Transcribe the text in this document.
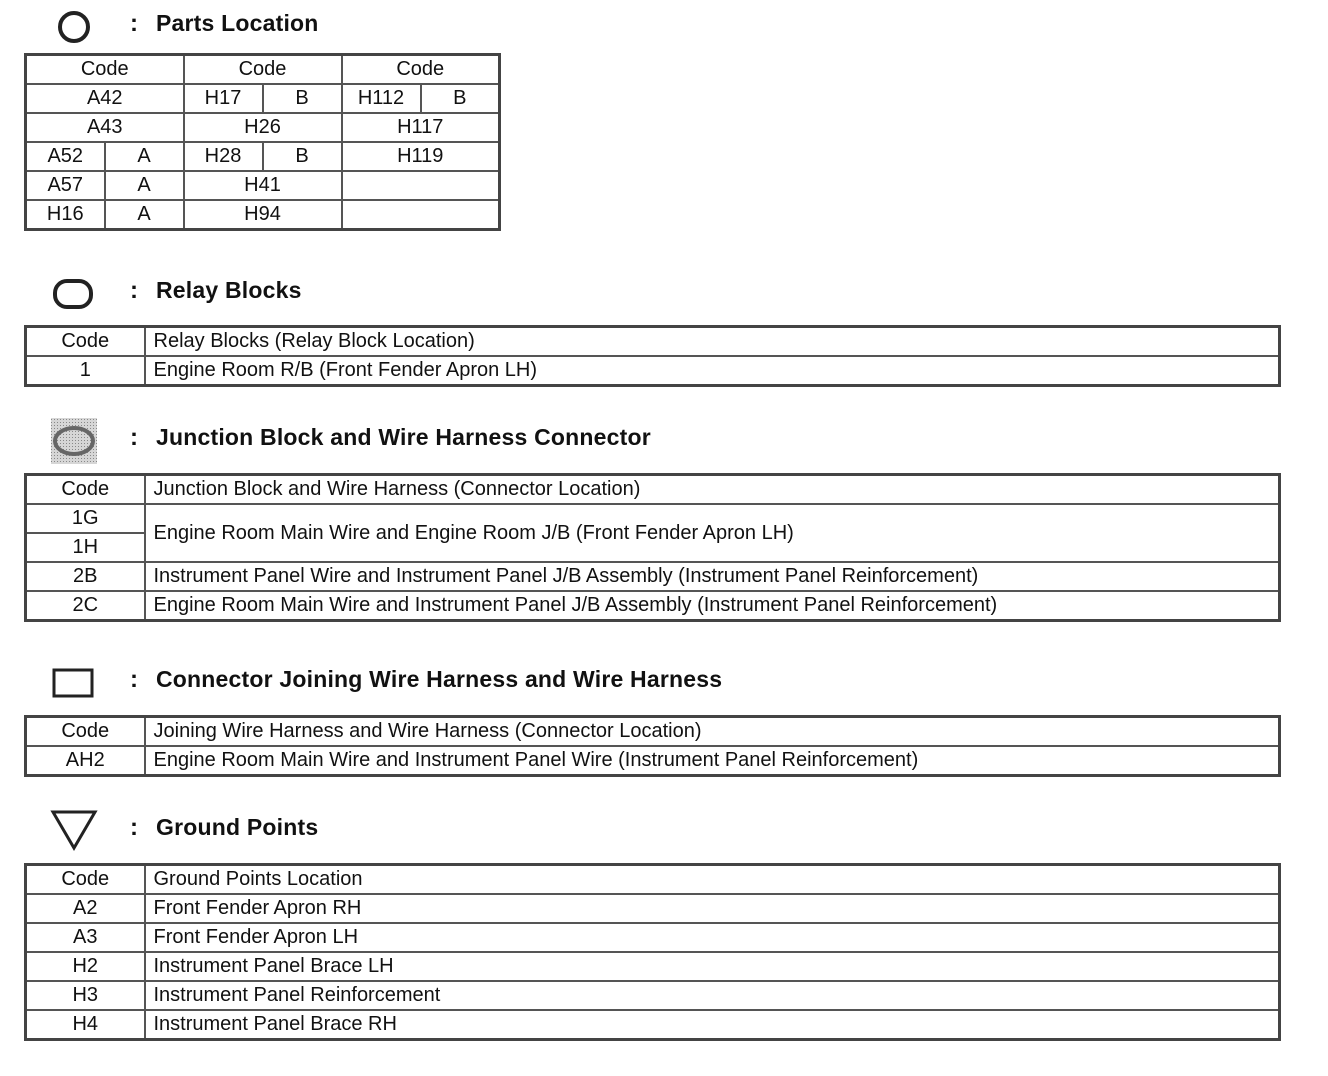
: Parts Location
Code		Code		Code	
A42		H17	B	H112	B
A43		H26		H117	
A52	A	H28	B	H119	
A57	A	H41			
H16	A	H94			
: Relay Blocks
Code	Relay Blocks (Relay Block Location)
1	Engine Room R/B (Front Fender Apron LH)
: Junction Block and Wire Harness Connector
Code	Junction Block and Wire Harness (Connector Location)
1G	Engine Room Main Wire and Engine Room J/B (Front Fender Apron LH)
1H	
2B	Instrument Panel Wire and Instrument Panel J/B Assembly (Instrument Panel Reinforcement)
2C	Engine Room Main Wire and Instrument Panel J/B Assembly (Instrument Panel Reinforcement)
: Connector Joining Wire Harness and Wire Harness
Code	Joining Wire Harness and Wire Harness (Connector Location)
AH2	Engine Room Main Wire and Instrument Panel Wire (Instrument Panel Reinforcement)
: Ground Points
Code	Ground Points Location
A2	Front Fender Apron RH
A3	Front Fender Apron LH
H2	Instrument Panel Brace LH
H3	Instrument Panel Reinforcement
H4	Instrument Panel Brace RH
